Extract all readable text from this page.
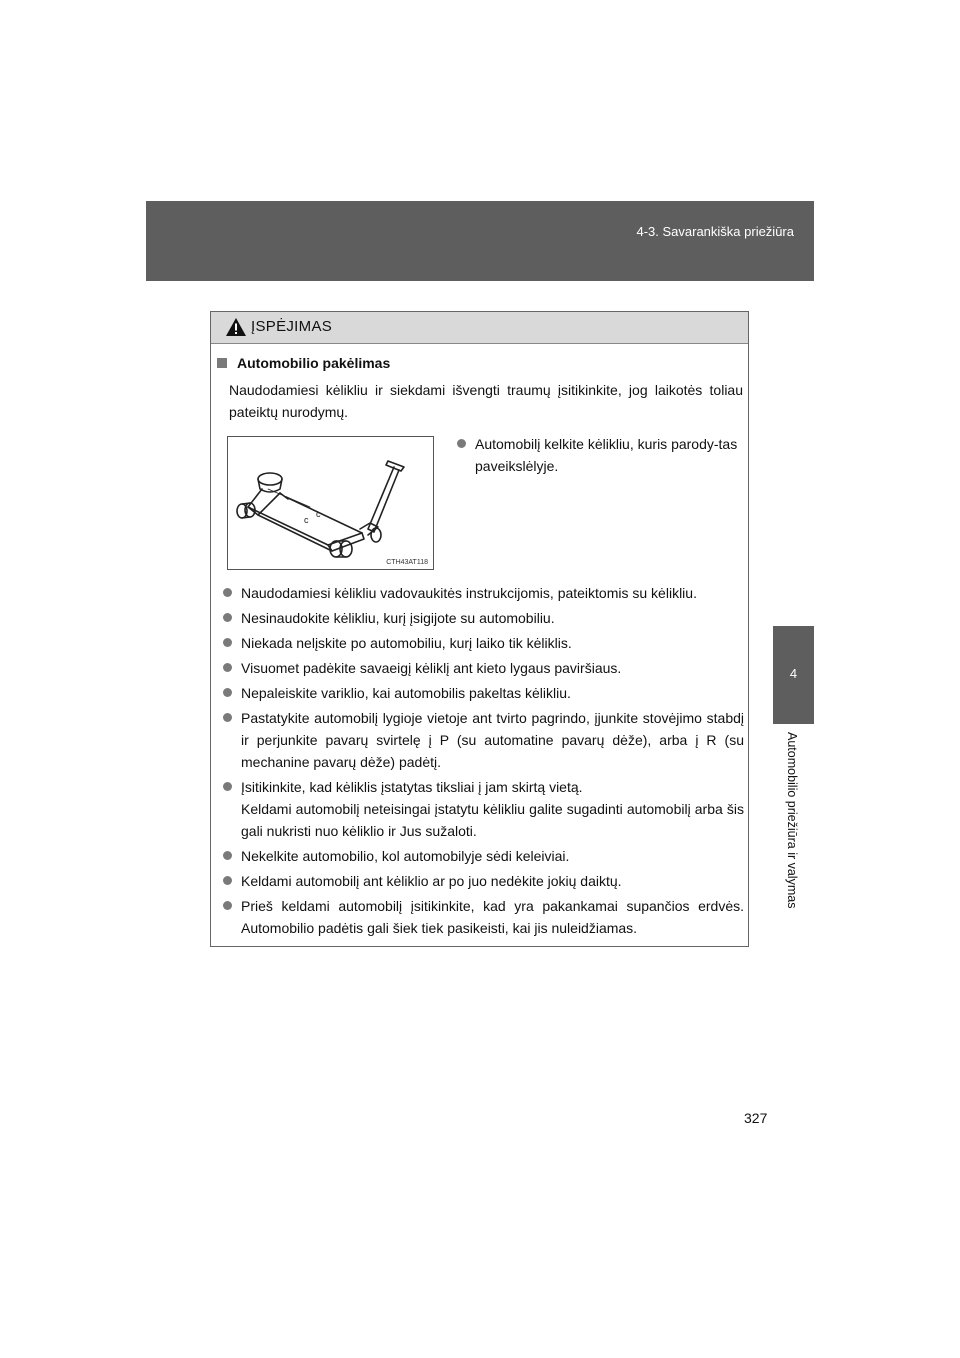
4-3. Savarankiška priežiūra
4
Automobilio priežiūra ir valymas
ĮSPĖJIMAS
Automobilio pakėlimas
Naudodamiesi kėlikliu ir siekdami išvengti traumų įsitikinkite, jog laikotės toliau pateiktų nurodymų.
c
c
CTH43AT118
Automobilį kelkite kėlikliu, kuris parody-tas paveikslėlyje.
Naudodamiesi kėlikliu vadovaukitės instrukcijomis, pateiktomis su kėlikliu.
Nesinaudokite kėlikliu, kurį įsigijote su automobiliu.
Niekada nelįskite po automobiliu, kurį laiko tik kėliklis.
Visuomet padėkite savaeigį kėliklį ant kieto lygaus paviršiaus.
Nepaleiskite variklio, kai automobilis pakeltas kėlikliu.
Pastatykite automobilį lygioje vietoje ant tvirto pagrindo, įjunkite stovėjimo stabdį ir perjunkite pavarų svirtelę į P (su automatine pavarų dėže), arba į R (su mechanine pavarų dėže) padėtį.
Įsitikinkite, kad kėliklis įstatytas tiksliai į jam skirtą vietą.
Keldami automobilį neteisingai įstatytu kėlikliu galite sugadinti automobilį arba šis gali nukristi nuo kėliklio ir Jus sužaloti.
Nekelkite automobilio, kol automobilyje sėdi keleiviai.
Keldami automobilį ant kėliklio ar po juo nedėkite jokių daiktų.
Prieš keldami automobilį įsitikinkite, kad yra pakankamai supančios erdvės. Automobilio padėtis gali šiek tiek pasikeisti, kai jis nuleidžiamas.
327
